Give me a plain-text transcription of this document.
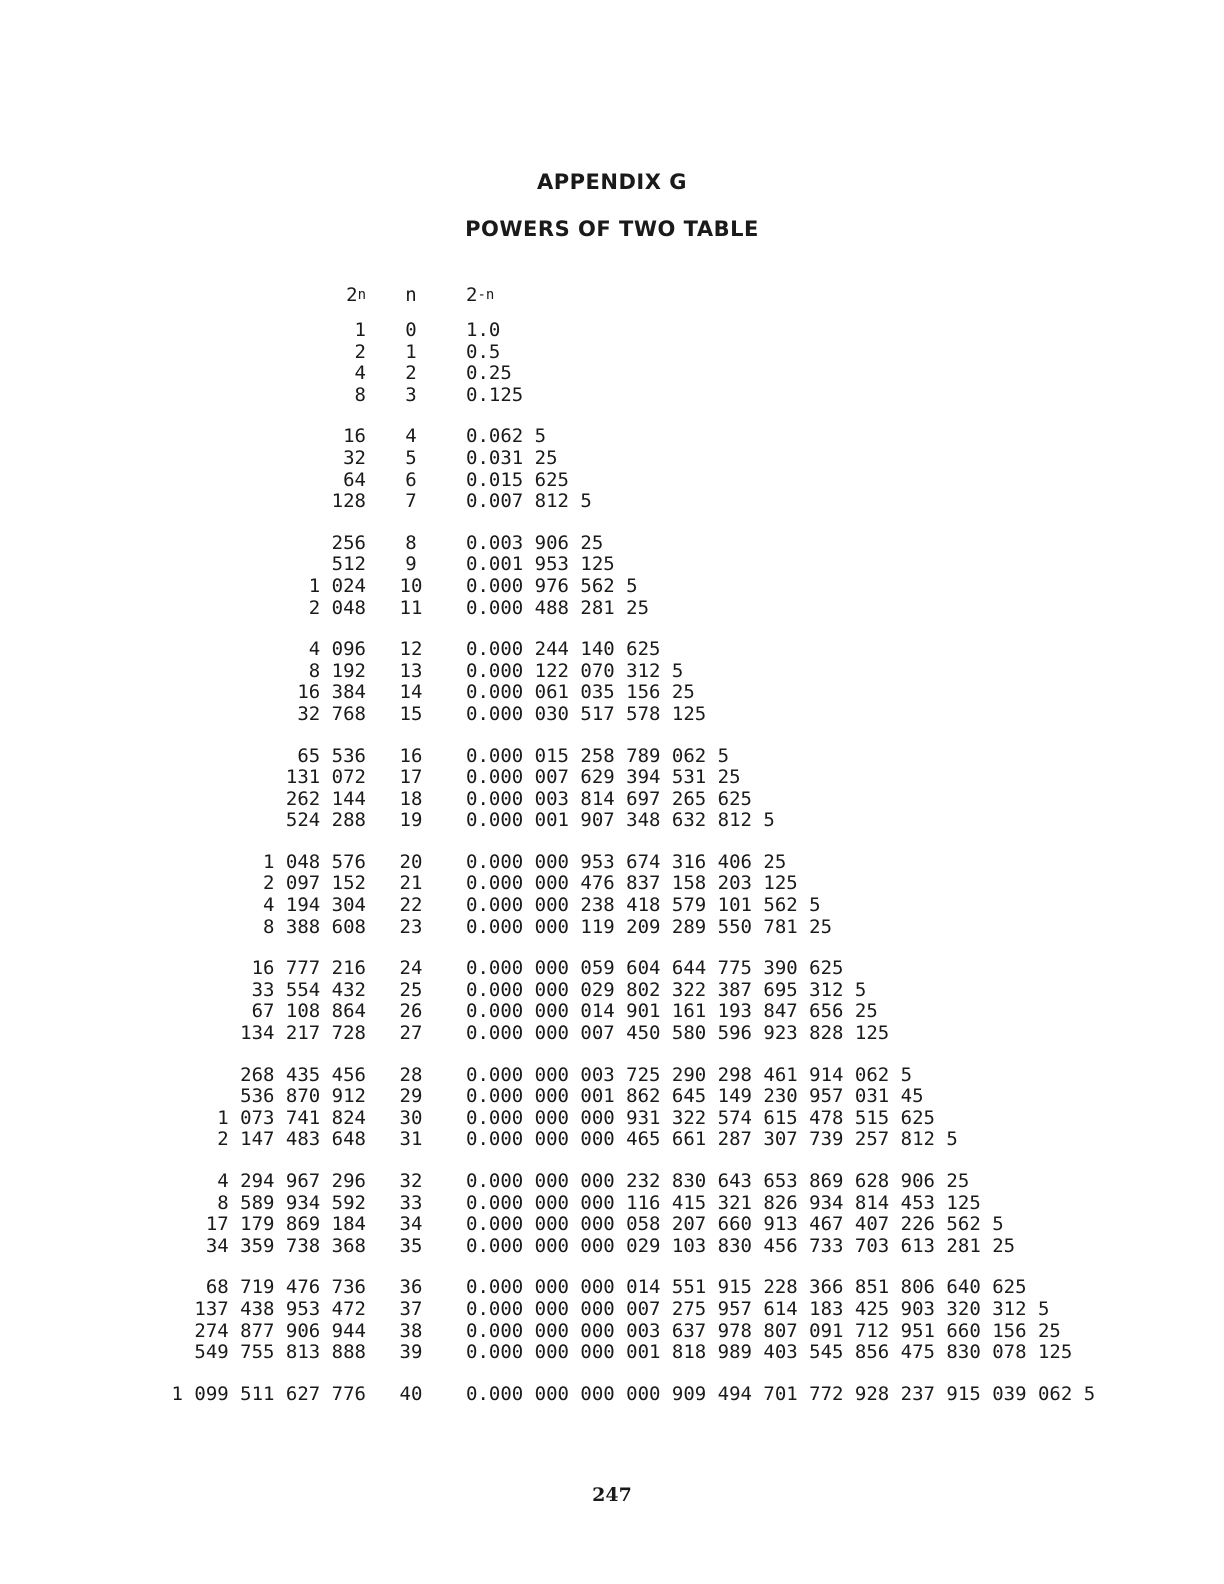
APPENDIX G
POWERS OF TWO TABLE
2$^n$	n	$2^{-n}$
1	0	1.0
2	1	0.5
4	2	0.25
8	3	0.125
16	4	0.062 5
32	5	0.031 25
64	6	0.015 625
128	7	0.007 812 5
256	8	0.003 906 25
512	9	0.001 953 125
1 024	10	0.000 976 562 5
2 048	11	0.000 488 281 25
4 096	12	0.000 244 140 625
8 192	13	0.000 122 070 312 5
16 384	14	0.000 061 035 156 25
32 768	15	0.000 030 517 578 125
65 536	16	0.000 015 258 789 062 5
131 072	17	0.000 007 629 394 531 25
262 144	18	0.000 003 814 697 265 625
524 288	19	0.000 001 907 348 632 812 5
1 048 576	20	0.000 000 953 674 316 406 25
2 097 152	21	0.000 000 476 837 158 203 125
4 194 304	22	0.000 000 238 418 579 101 562 5
8 388 608	23	0.000 000 119 209 289 550 781 25
16 777 216	24	0.000 000 059 604 644 775 390 625
33 554 432	25	0.000 000 029 802 322 387 695 312 5
67 108 864	26	0.000 000 014 901 161 193 847 656 25
134 217 728	27	0.000 000 007 450 580 596 923 828 125
268 435 456	28	0.000 000 003 725 290 298 461 914 062 5
536 870 912	29	0.000 000 001 862 645 149 230 957 031 45
1 073 741 824	30	0.000 000 000 931 322 574 615 478 515 625
2 147 483 648	31	0.000 000 000 465 661 287 307 739 257 812 5
4 294 967 296	32	0.000 000 000 232 830 643 653 869 628 906 25
8 589 934 592	33	0.000 000 000 116 415 321 826 934 814 453 125
17 179 869 184	34	0.000 000 000 058 207 660 913 467 407 226 562 5
34 359 738 368	35	0.000 000 000 029 103 830 456 733 703 613 281 25
68 719 476 736	36	0.000 000 000 014 551 915 228 366 851 806 640 625
137 438 953 472	37	0.000 000 000 007 275 957 614 183 425 903 320 312 5
274 877 906 944	38	0.000 000 000 003 637 978 807 091 712 951 660 156 25
549 755 813 888	39	0.000 000 000 001 818 989 403 545 856 475 830 078 125
1 099 511 627 776	40	0.000 000 000 000 909 494 701 772 928 237 915 039 062 5
247
